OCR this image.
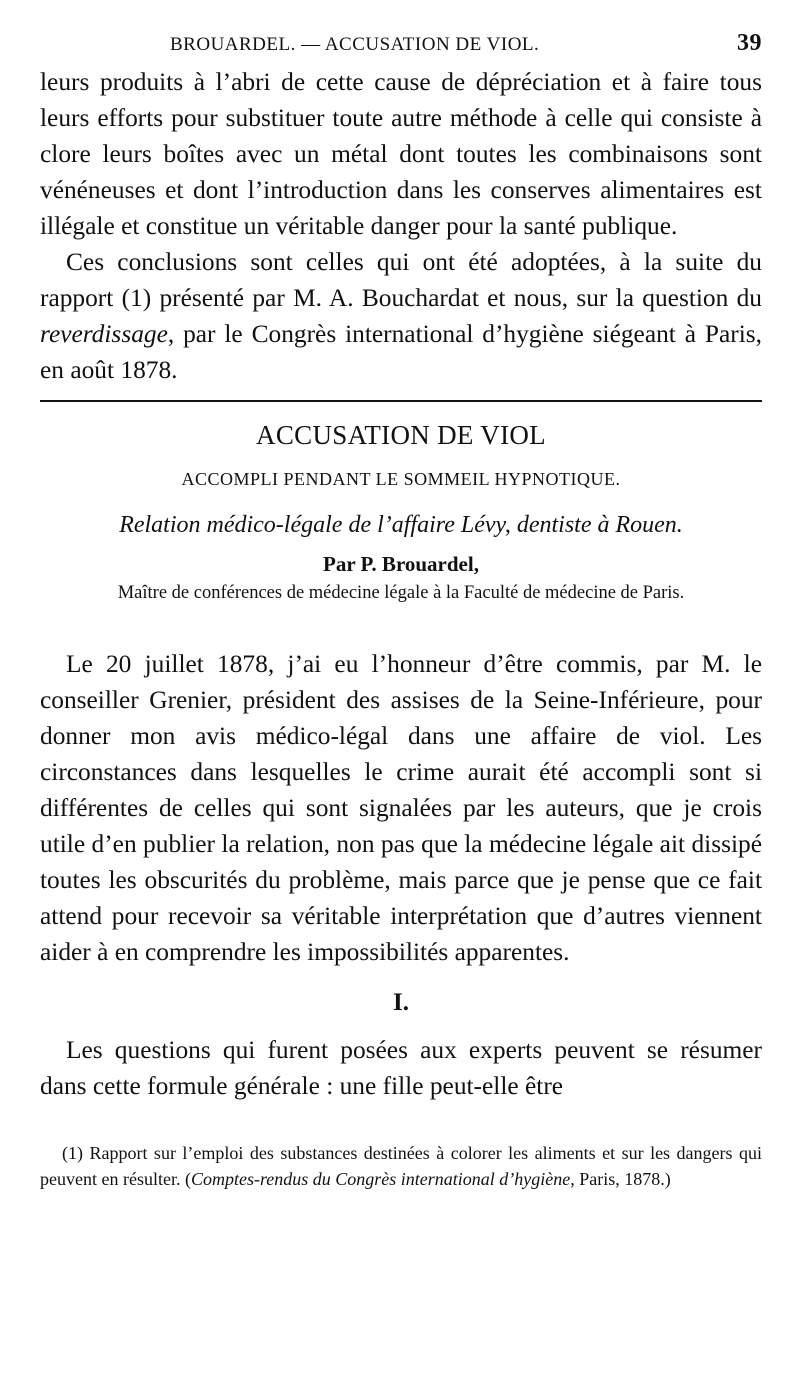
BROUARDEL. — ACCUSATION DE VIOL.	39

leurs produits à l’abri de cette cause de dépréciation et à faire tous leurs efforts pour substituer toute autre méthode à celle qui consiste à clore leurs boîtes avec un métal dont toutes les combinaisons sont vénéneuses et dont l’introduction dans les conserves alimentaires est illégale et constitue un véritable danger pour la santé publique.

Ces conclusions sont celles qui ont été adoptées, à la suite du rapport (1) présenté par M. A. Bouchardat et nous, sur la question du reverdissage, par le Congrès international d’hygiène siégeant à Paris, en août 1878.

ACCUSATION DE VIOL

ACCOMPLI PENDANT LE SOMMEIL HYPNOTIQUE.

Relation médico-légale de l’affaire Lévy, dentiste à Rouen.

Par P. Brouardel,

Maître de conférences de médecine légale à la Faculté de médecine de Paris.

Le 20 juillet 1878, j’ai eu l’honneur d’être commis, par M. le conseiller Grenier, président des assises de la Seine-Inférieure, pour donner mon avis médico-légal dans une affaire de viol. Les circonstances dans lesquelles le crime aurait été accompli sont si différentes de celles qui sont signalées par les auteurs, que je crois utile d’en publier la relation, non pas que la médecine légale ait dissipé toutes les obscurités du problème, mais parce que je pense que ce fait attend pour recevoir sa véritable interprétation que d’autres viennent aider à en comprendre les impossibilités apparentes.

I.

Les questions qui furent posées aux experts peuvent se résumer dans cette formule générale : une fille peut-elle être

(1) Rapport sur l’emploi des substances destinées à colorer les aliments et sur les dangers qui peuvent en résulter. (Comptes-rendus du Congrès international d’hygiène, Paris, 1878.)
